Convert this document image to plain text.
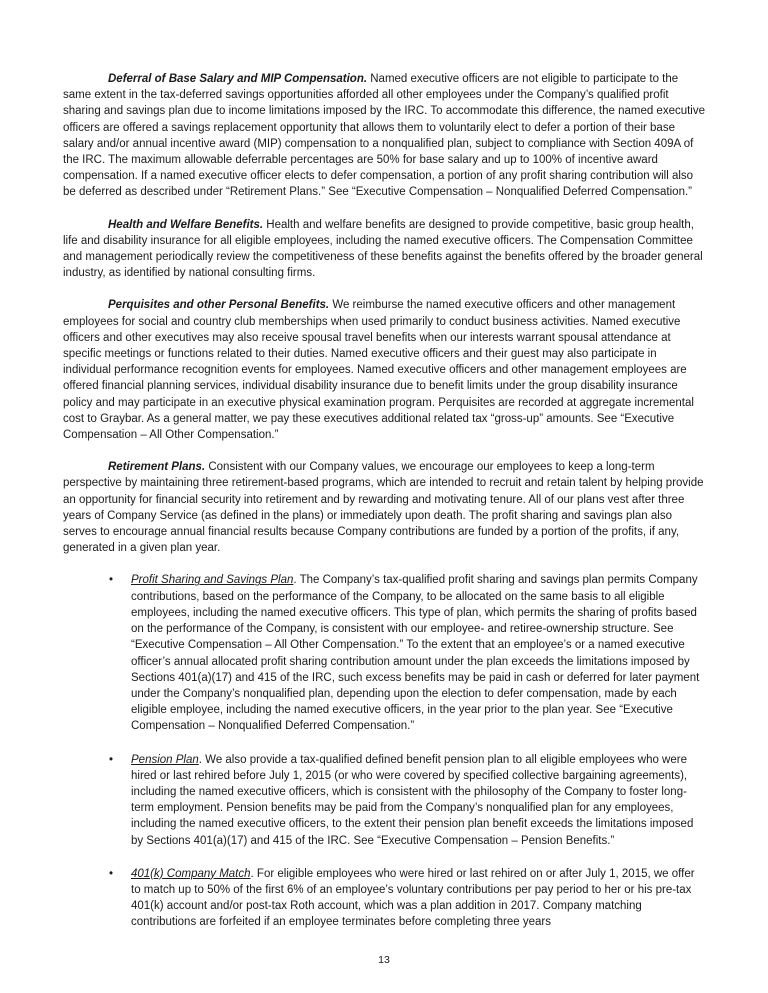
Deferral of Base Salary and MIP Compensation. Named executive officers are not eligible to participate to the same extent in the tax-deferred savings opportunities afforded all other employees under the Company’s qualified profit sharing and savings plan due to income limitations imposed by the IRC. To accommodate this difference, the named executive officers are offered a savings replacement opportunity that allows them to voluntarily elect to defer a portion of their base salary and/or annual incentive award (MIP) compensation to a nonqualified plan, subject to compliance with Section 409A of the IRC. The maximum allowable deferrable percentages are 50% for base salary and up to 100% of incentive award compensation. If a named executive officer elects to defer compensation, a portion of any profit sharing contribution will also be deferred as described under “Retirement Plans.” See “Executive Compensation – Nonqualified Deferred Compensation.”

Health and Welfare Benefits. Health and welfare benefits are designed to provide competitive, basic group health, life and disability insurance for all eligible employees, including the named executive officers. The Compensation Committee and management periodically review the competitiveness of these benefits against the benefits offered by the broader general industry, as identified by national consulting firms.

Perquisites and other Personal Benefits. We reimburse the named executive officers and other management employees for social and country club memberships when used primarily to conduct business activities. Named executive officers and other executives may also receive spousal travel benefits when our interests warrant spousal attendance at specific meetings or functions related to their duties. Named executive officers and their guest may also participate in individual performance recognition events for employees. Named executive officers and other management employees are offered financial planning services, individual disability insurance due to benefit limits under the group disability insurance policy and may participate in an executive physical examination program. Perquisites are recorded at aggregate incremental cost to Graybar. As a general matter, we pay these executives additional related tax “gross-up” amounts. See “Executive Compensation – All Other Compensation.”

Retirement Plans. Consistent with our Company values, we encourage our employees to keep a long-term perspective by maintaining three retirement-based programs, which are intended to recruit and retain talent by helping provide an opportunity for financial security into retirement and by rewarding and motivating tenure. All of our plans vest after three years of Company Service (as defined in the plans) or immediately upon death. The profit sharing and savings plan also serves to encourage annual financial results because Company contributions are funded by a portion of the profits, if any, generated in a given plan year.

• Profit Sharing and Savings Plan. The Company’s tax-qualified profit sharing and savings plan permits Company contributions, based on the performance of the Company, to be allocated on the same basis to all eligible employees, including the named executive officers. This type of plan, which permits the sharing of profits based on the performance of the Company, is consistent with our employee- and retiree-ownership structure. See “Executive Compensation – All Other Compensation.” To the extent that an employee’s or a named executive officer’s annual allocated profit sharing contribution amount under the plan exceeds the limitations imposed by Sections 401(a)(17) and 415 of the IRC, such excess benefits may be paid in cash or deferred for later payment under the Company’s nonqualified plan, depending upon the election to defer compensation, made by each eligible employee, including the named executive officers, in the year prior to the plan year. See “Executive Compensation – Nonqualified Deferred Compensation.”
• Pension Plan. We also provide a tax-qualified defined benefit pension plan to all eligible employees who were hired or last rehired before July 1, 2015 (or who were covered by specified collective bargaining agreements), including the named executive officers, which is consistent with the philosophy of the Company to foster long- term employment. Pension benefits may be paid from the Company’s nonqualified plan for any employees, including the named executive officers, to the extent their pension plan benefit exceeds the limitations imposed by Sections 401(a)(17) and 415 of the IRC. See “Executive Compensation – Pension Benefits.”
• 401(k) Company Match. For eligible employees who were hired or last rehired on or after July 1, 2015, we offer to match up to 50% of the first 6% of an employee’s voluntary contributions per pay period to her or his pre-tax 401(k) account and/or post-tax Roth account, which was a plan addition in 2017. Company matching contributions are forfeited if an employee terminates before completing three years
13
